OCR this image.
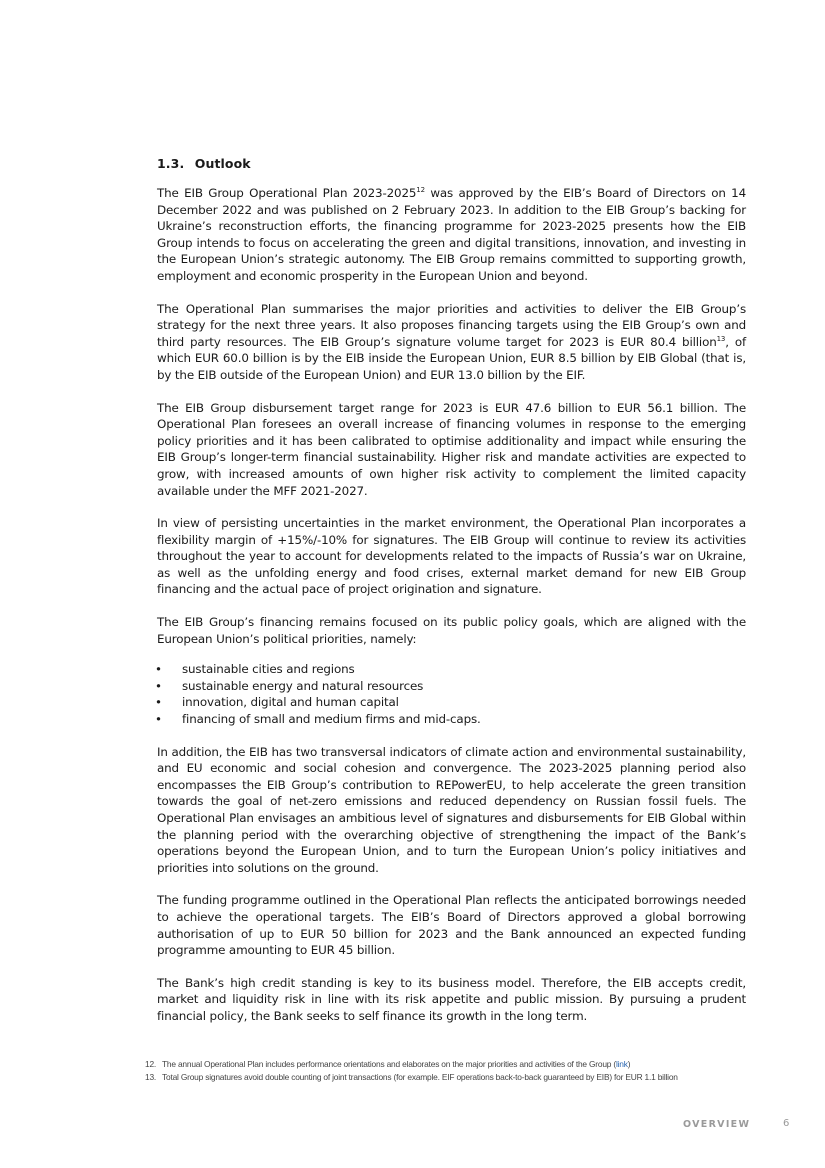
1.3. Outlook

The EIB Group Operational Plan 2023-2025$^{12}$ was approved by the EIB’s Board of Directors on 14 December 2022 and was published on 2 February 2023. In addition to the EIB Group’s backing for Ukraine’s reconstruction efforts, the financing programme for 2023-2025 presents how the EIB Group intends to focus on accelerating the green and digital transitions, innovation, and investing in the European Union’s strategic autonomy. The EIB Group remains committed to supporting growth, employment and economic prosperity in the European Union and beyond.

The Operational Plan summarises the major priorities and activities to deliver the EIB Group’s strategy for the next three years. It also proposes financing targets using the EIB Group’s own and third party resources. The EIB Group’s signature volume target for 2023 is EUR 80.4 billion$^{13}$, of which EUR 60.0 billion is by the EIB inside the European Union, EUR 8.5 billion by EIB Global (that is, by the EIB outside of the European Union) and EUR 13.0 billion by the EIF.

The EIB Group disbursement target range for 2023 is EUR 47.6 billion to EUR 56.1 billion. The Operational Plan foresees an overall increase of financing volumes in response to the emerging policy priorities and it has been calibrated to optimise additionality and impact while ensuring the EIB Group’s longer-term financial sustainability. Higher risk and mandate activities are expected to grow, with increased amounts of own higher risk activity to complement the limited capacity available under the MFF 2021-2027.

In view of persisting uncertainties in the market environment, the Operational Plan incorporates a flexibility margin of +15%/-10% for signatures. The EIB Group will continue to review its activities throughout the year to account for developments related to the impacts of Russia’s war on Ukraine, as well as the unfolding energy and food crises, external market demand for new EIB Group financing and the actual pace of project origination and signature.

The EIB Group’s financing remains focused on its public policy goals, which are aligned with the European Union’s political priorities, namely:

• sustainable cities and regions
• sustainable energy and natural resources
• innovation, digital and human capital
• financing of small and medium firms and mid-caps.

In addition, the EIB has two transversal indicators of climate action and environmental sustainability, and EU economic and social cohesion and convergence. The 2023-2025 planning period also encompasses the EIB Group’s contribution to REPowerEU, to help accelerate the green transition towards the goal of net-zero emissions and reduced dependency on Russian fossil fuels. The Operational Plan envisages an ambitious level of signatures and disbursements for EIB Global within the planning period with the overarching objective of strengthening the impact of the Bank’s operations beyond the European Union, and to turn the European Union’s policy initiatives and priorities into solutions on the ground.

The funding programme outlined in the Operational Plan reflects the anticipated borrowings needed to achieve the operational targets. The EIB’s Board of Directors approved a global borrowing authorisation of up to EUR 50 billion for 2023 and the Bank announced an expected funding programme amounting to EUR 45 billion.

The Bank’s high credit standing is key to its business model. Therefore, the EIB accepts credit, market and liquidity risk in line with its risk appetite and public mission. By pursuing a prudent financial policy, the Bank seeks to self finance its growth in the long term.

12. The annual Operational Plan includes performance orientations and elaborates on the major priorities and activities of the Group (link)
13. Total Group signatures avoid double counting of joint transactions (for example. EIF operations back-to-back guaranteed by EIB) for EUR 1.1 billion
OVERVIEW	6
